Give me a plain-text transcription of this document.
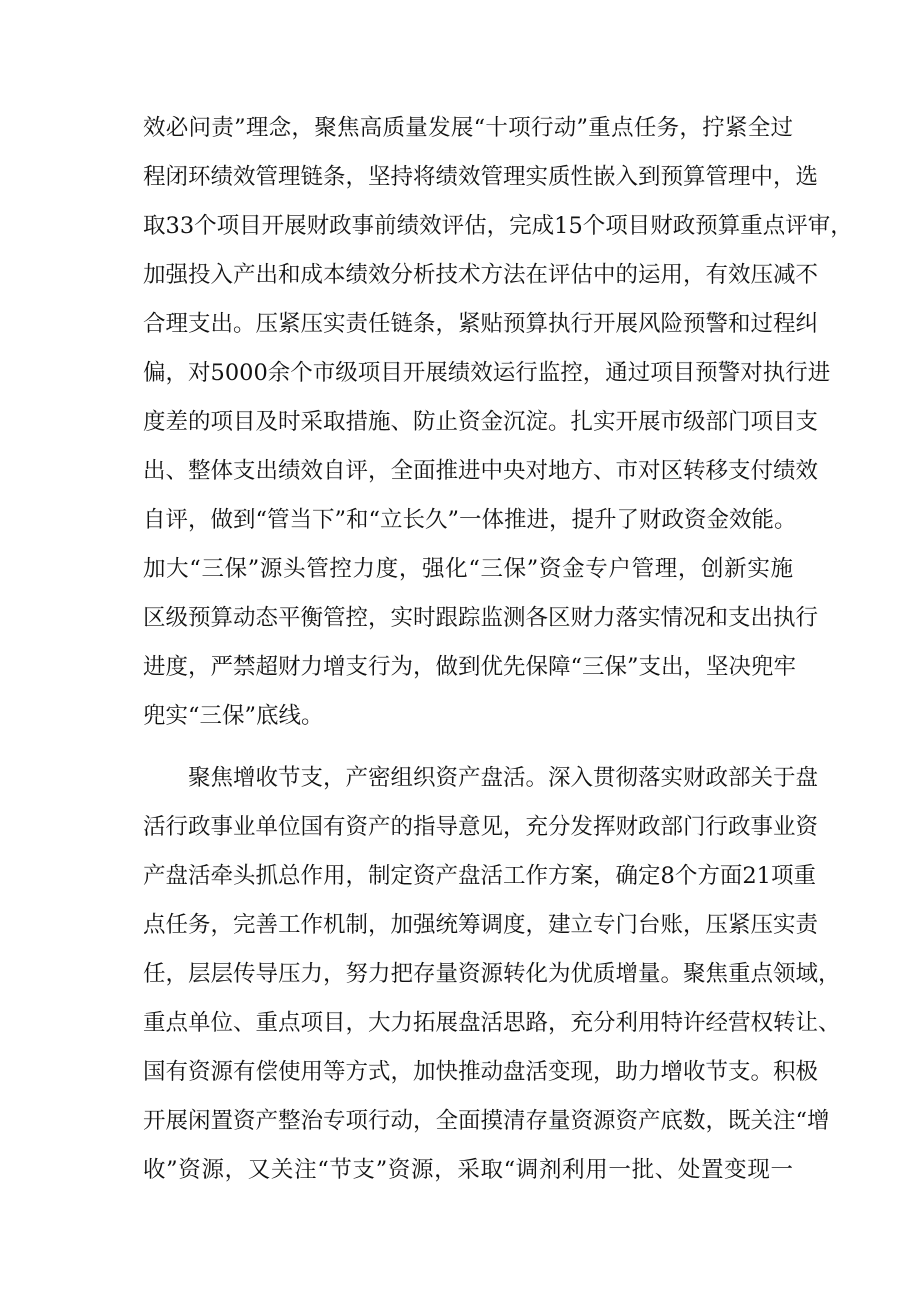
效必问责”理念，聚焦高质量发展“十项行动”重点任务，拧紧全过
程闭环绩效管理链条，坚持将绩效管理实质性嵌入到预算管理中，选
取33个项目开展财政事前绩效评估，完成15个项目财政预算重点评审，
加强投入产出和成本绩效分析技术方法在评估中的运用，有效压减不
合理支出。压紧压实责任链条，紧贴预算执行开展风险预警和过程纠
偏，对5000余个市级项目开展绩效运行监控，通过项目预警对执行进
度差的项目及时采取措施、防止资金沉淀。扎实开展市级部门项目支
出、整体支出绩效自评，全面推进中央对地方、市对区转移支付绩效
自评，做到“管当下”和“立长久”一体推进，提升了财政资金效能。
加大“三保”源头管控力度，强化“三保”资金专户管理，创新实施
区级预算动态平衡管控，实时跟踪监测各区财力落实情况和支出执行
进度，严禁超财力增支行为，做到优先保障“三保”支出，坚决兜牢
兜实“三保”底线。
聚焦增收节支，产密组织资产盘活。深入贯彻落实财政部关于盘
活行政事业单位国有资产的指导意见，充分发挥财政部门行政事业资
产盘活牵头抓总作用，制定资产盘活工作方案，确定8个方面21项重
点任务，完善工作机制，加强统筹调度，建立专门台账，压紧压实责
任，层层传导压力，努力把存量资源转化为优质增量。聚焦重点领域，
重点单位、重点项目，大力拓展盘活思路，充分利用特许经营权转让、
国有资源有偿使用等方式，加快推动盘活变现，助力增收节支。积极
开展闲置资产整治专项行动，全面摸清存量资源资产底数，既关注“增
收”资源，又关注“节支”资源，采取“调剂利用一批、处置变现一
